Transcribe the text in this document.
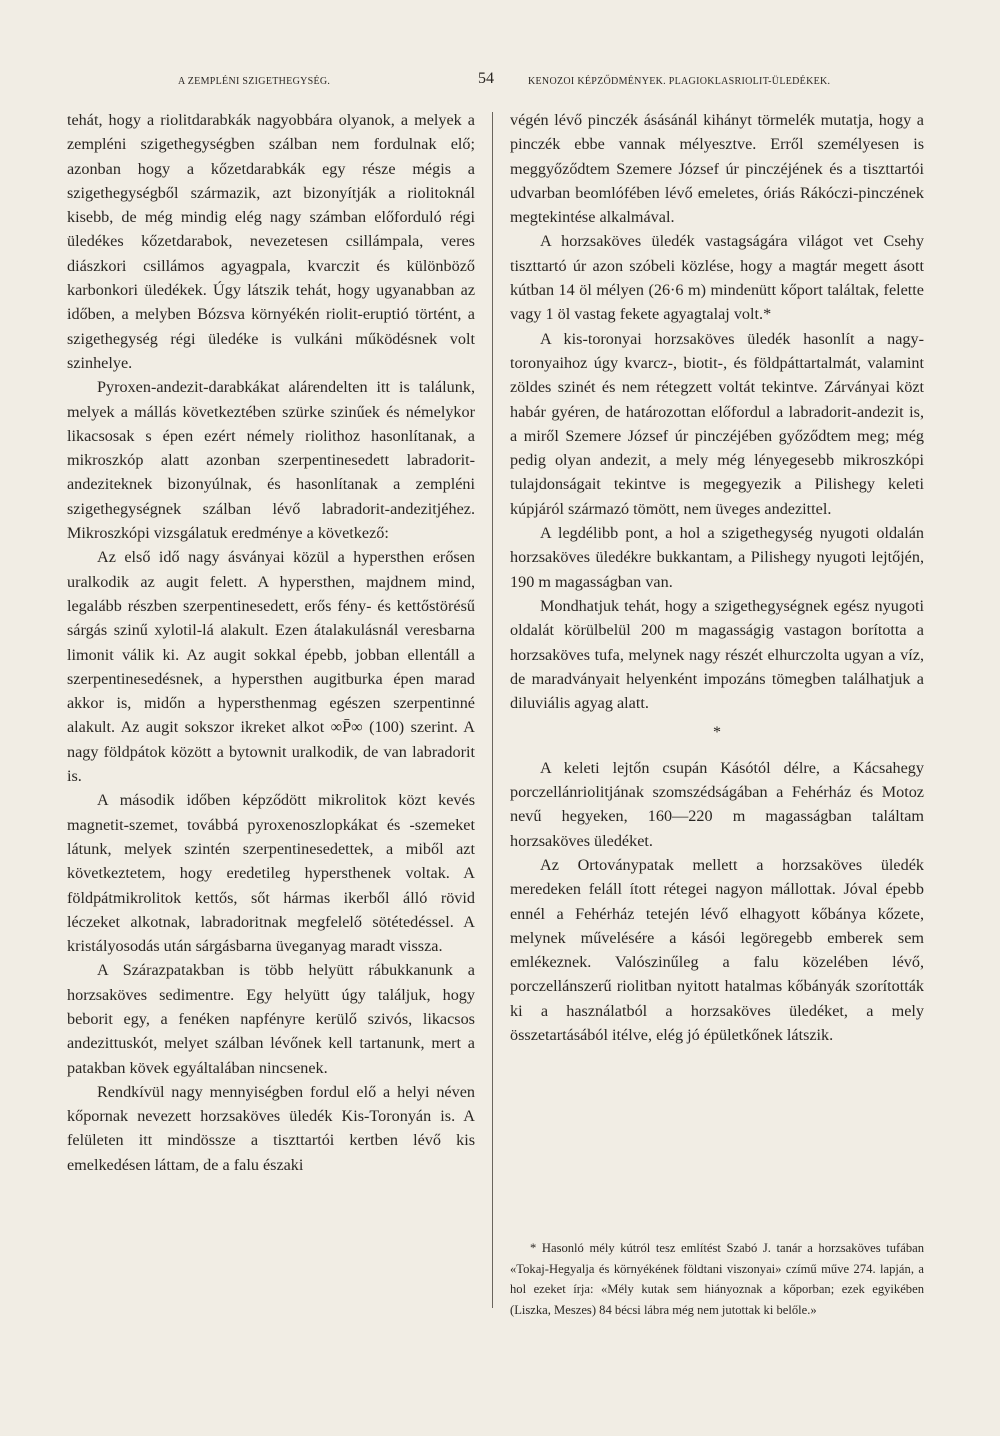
A ZEMPLÉNI SZIGETHEGYSÉG.	54	KENOZOI KÉPZŐDMÉNYEK. PLAGIOKLASRIOLIT-ÜLEDÉKEK.

tehát, hogy a riolitdarabkák nagyobbára olyanok, a melyek a zempléni szigethegységben szálban nem fordulnak elő; azonban hogy a kőzetdarabkák egy része mégis a szigethegységből származik, azt bizonyítják a riolitoknál kisebb, de még mindig elég nagy számban előforduló régi üledékes kőzetdarabok, nevezetesen csillámpala, veres diászkori csillámos agyagpala, kvarczit és különböző karbonkori üledékek. Úgy látszik tehát, hogy ugyanabban az időben, a melyben Bózsva környékén riolit-eruptió történt, a szigethegység régi üledéke is vulkáni működésnek volt szinhelye.

Pyroxen-andezit-darabkákat alárendelten itt is találunk, melyek a mállás következtében szürke szinűek és némelykor likacsosak s épen ezért némely riolithoz hasonlítanak, a mikroszkóp alatt azonban szerpentinesedett labradorit-andeziteknek bizonyúlnak, és hasonlítanak a zempléni szigethegységnek szálban lévő labradorit-andezitjéhez. Mikroszkópi vizsgálatuk eredménye a következő:

Az első idő nagy ásványai közül a hypersthen erősen uralkodik az augit felett. A hypersthen, majdnem mind, legalább részben szerpentinesedett, erős fény- és kettőstörésű sárgás szinű xylotil-lá alakult. Ezen átalakulásnál veresbarna limonit válik ki. Az augit sokkal épebb, jobban ellentáll a szerpentinesedésnek, a hypersthen augitburka épen marad akkor is, midőn a hypersthenmag egészen szerpentinné alakult. Az augit sokszor ikreket alkot ∞P̄∞ (100) szerint. A nagy földpátok között a bytownit uralkodik, de van labradorit is.

A második időben képződött mikrolitok közt kevés magnetit-szemet, továbbá pyroxenoszlopkákat és -szemeket látunk, melyek szintén szerpentinesedettek, a miből azt következtetem, hogy eredetileg hypersthenek voltak. A földpátmikrolitok kettős, sőt hármas ikerből álló rövid léczeket alkotnak, labradoritnak megfelelő sötétedéssel. A kristályosodás után sárgásbarna üveganyag maradt vissza.

A Szárazpatakban is több helyütt rábukkanunk a horzsaköves sedimentre. Egy helyütt úgy találjuk, hogy beborit egy, a fenéken napfényre kerülő szivós, likacsos andezittuskót, melyet szálban lévőnek kell tartanunk, mert a patakban kövek egyáltalában nincsenek.

Rendkívül nagy mennyiségben fordul elő a helyi néven kőpornak nevezett horzsaköves üledék Kis-Toronyán is. A felületen itt mindössze a tiszttartói kertben lévő kis emelkedésen láttam, de a falu északi

végén lévő pinczék ásásánál kihányt törmelék mutatja, hogy a pinczék ebbe vannak mélyesztve. Erről személyesen is meggyőződtem Szemere József úr pinczéjének és a tiszttartói udvarban beomlófében lévő emeletes, óriás Rákóczi-pinczének megtekintése alkalmával.

A horzsaköves üledék vastagságára világot vet Csehy tiszttartó úr azon szóbeli közlése, hogy a magtár megett ásott kútban 14 öl mélyen (26·6 m) mindenütt kőport találtak, felette vagy 1 öl vastag fekete agyagtalaj volt.*

A kis-toronyai horzsaköves üledék hasonlít a nagy-toronyaihoz úgy kvarcz-, biotit-, és földpáttartalmát, valamint zöldes szinét és nem rétegzett voltát tekintve. Zárványai közt habár gyéren, de határozottan előfordul a labradorit-andezit is, a miről Szemere József úr pinczéjében győződtem meg; még pedig olyan andezit, a mely még lényegesebb mikroszkópi tulajdonságait tekintve is megegyezik a Pilishegy keleti kúpjáról származó tömött, nem üveges andezittel.

A legdélibb pont, a hol a szigethegység nyugoti oldalán horzsaköves üledékre bukkantam, a Pilishegy nyugoti lejtőjén, 190 m magasságban van.

Mondhatjuk tehát, hogy a szigethegységnek egész nyugoti oldalát körülbelül 200 m magasságig vastagon borította a horzsaköves tufa, melynek nagy részét elhurczolta ugyan a víz, de maradványait helyenként impozáns tömegben találhatjuk a diluviális agyag alatt.

*

A keleti lejtőn csupán Kásótól délre, a Kácsahegy porczellánriolitjának szomszédságában a Fehérház és Motoz nevű hegyeken, 160—220 m magasságban találtam horzsaköves üledéket.

Az Ortoványpatak mellett a horzsaköves üledék meredeken feláll ított rétegei nagyon mállottak. Jóval épebb ennél a Fehérház tetején lévő elhagyott kőbánya kőzete, melynek művelésére a kásói legöregebb emberek sem emlékeznek. Valószinűleg a falu közelében lévő, porczellánszerű riolitban nyitott hatalmas kőbányák szorították ki a használatból a horzsaköves üledéket, a mely összetartásából itélve, elég jó épületkőnek látszik.

* Hasonló mély kútról tesz említést Szabó J. tanár a horzsaköves tufában «Tokaj-Hegyalja és környékének földtani viszonyai» czímű műve 274. lapján, a hol ezeket írja: «Mély kutak sem hiányoznak a kőporban; ezek egyikében (Liszka, Meszes) 84 bécsi lábra még nem jutottak ki belőle.»
